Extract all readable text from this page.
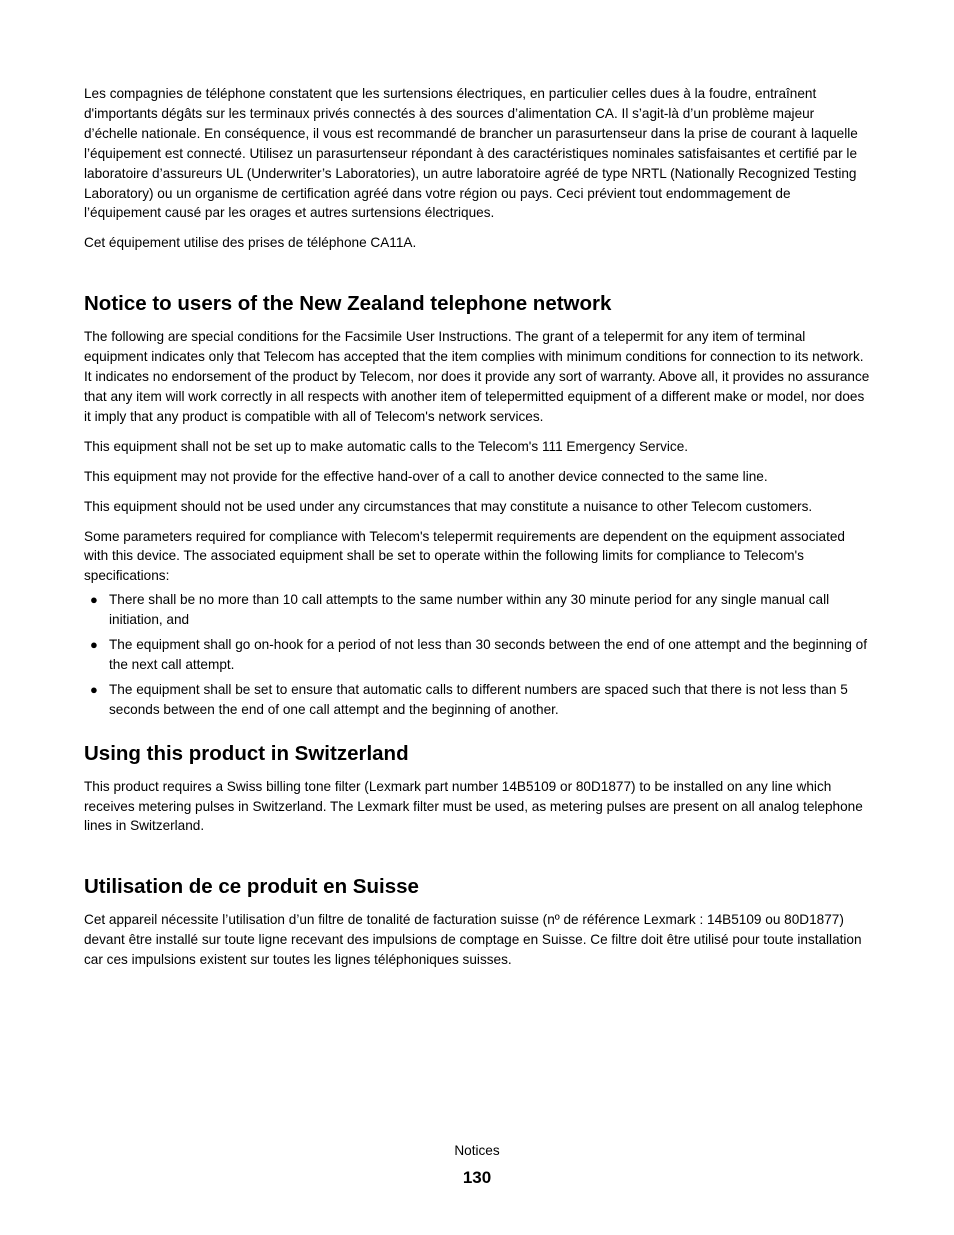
Les compagnies de téléphone constatent que les surtensions électriques, en particulier celles dues à la foudre, entraînent d'importants dégâts sur les terminaux privés connectés à des sources d’alimentation CA. Il s’agit-là d’un problème majeur d’échelle nationale. En conséquence, il vous est recommandé de brancher un parasurtenseur dans la prise de courant à laquelle l’équipement est connecté. Utilisez un parasurtenseur répondant à des caractéristiques nominales satisfaisantes et certifié par le laboratoire d’assureurs UL (Underwriter’s Laboratories), un autre laboratoire agréé de type NRTL (Nationally Recognized Testing Laboratory) ou un organisme de certification agréé dans votre région ou pays. Ceci prévient tout endommagement de l’équipement causé par les orages et autres surtensions électriques.

Cet équipement utilise des prises de téléphone CA11A.

Notice to users of the New Zealand telephone network

The following are special conditions for the Facsimile User Instructions. The grant of a telepermit for any item of terminal equipment indicates only that Telecom has accepted that the item complies with minimum conditions for connection to its network. It indicates no endorsement of the product by Telecom, nor does it provide any sort of warranty. Above all, it provides no assurance that any item will work correctly in all respects with another item of telepermitted equipment of a different make or model, nor does it imply that any product is compatible with all of Telecom's network services.

This equipment shall not be set up to make automatic calls to the Telecom's 111 Emergency Service.

This equipment may not provide for the effective hand-over of a call to another device connected to the same line.

This equipment should not be used under any circumstances that may constitute a nuisance to other Telecom customers.

Some parameters required for compliance with Telecom's telepermit requirements are dependent on the equipment associated with this device. The associated equipment shall be set to operate within the following limits for compliance to Telecom's specifications:

● There shall be no more than 10 call attempts to the same number within any 30 minute period for any single manual call initiation, and
● The equipment shall go on-hook for a period of not less than 30 seconds between the end of one attempt and the beginning of the next call attempt.
● The equipment shall be set to ensure that automatic calls to different numbers are spaced such that there is not less than 5 seconds between the end of one call attempt and the beginning of another.
Using this product in Switzerland

This product requires a Swiss billing tone filter (Lexmark part number 14B5109 or 80D1877) to be installed on any line which receives metering pulses in Switzerland. The Lexmark filter must be used, as metering pulses are present on all analog telephone lines in Switzerland.

Utilisation de ce produit en Suisse

Cet appareil nécessite l’utilisation d’un filtre de tonalité de facturation suisse (nº de référence Lexmark : 14B5109 ou 80D1877) devant être installé sur toute ligne recevant des impulsions de comptage en Suisse. Ce filtre doit être utilisé pour toute installation car ces impulsions existent sur toutes les lignes téléphoniques suisses.

Notices
130
